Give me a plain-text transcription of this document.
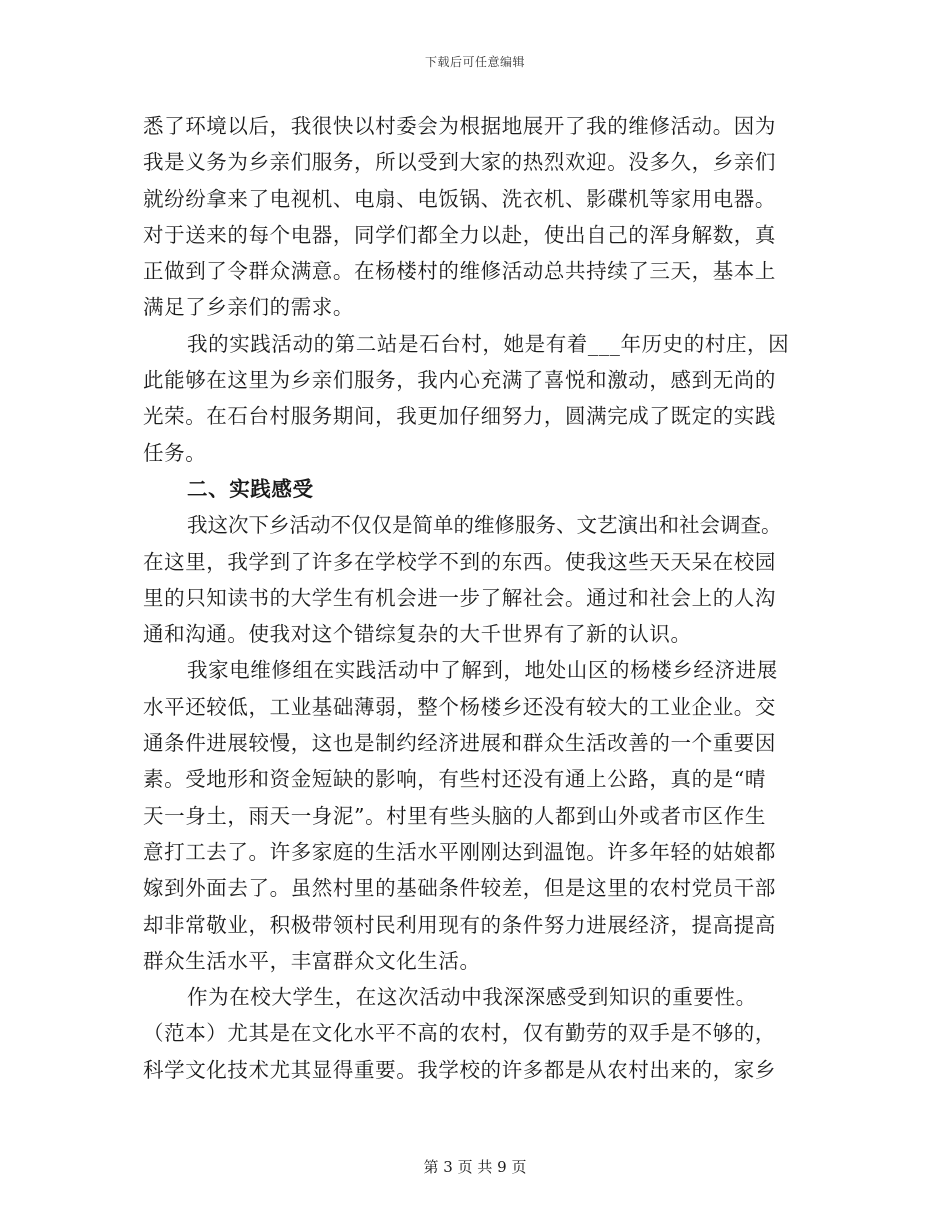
下载后可任意编辑
悉了环境以后，我很快以村委会为根据地展开了我的维修活动。因为
我是义务为乡亲们服务，所以受到大家的热烈欢迎。没多久，乡亲们
就纷纷拿来了电视机、电扇、电饭锅、洗衣机、影碟机等家用电器。
对于送来的每个电器，同学们都全力以赴，使出自己的浑身解数，真
正做到了令群众满意。在杨楼村的维修活动总共持续了三天，基本上
满足了乡亲们的需求。
我的实践活动的第二站是石台村，她是有着___年历史的村庄，因
此能够在这里为乡亲们服务，我内心充满了喜悦和激动，感到无尚的
光荣。在石台村服务期间，我更加仔细努力，圆满完成了既定的实践
任务。
二、实践感受
我这次下乡活动不仅仅是简单的维修服务、文艺演出和社会调查。
在这里，我学到了许多在学校学不到的东西。使我这些天天呆在校园
里的只知读书的大学生有机会进一步了解社会。通过和社会上的人沟
通和沟通。使我对这个错综复杂的大千世界有了新的认识。
我家电维修组在实践活动中了解到，地处山区的杨楼乡经济进展
水平还较低，工业基础薄弱，整个杨楼乡还没有较大的工业企业。交
通条件进展较慢，这也是制约经济进展和群众生活改善的一个重要因
素。受地形和资金短缺的影响，有些村还没有通上公路，真的是“晴
天一身土，雨天一身泥”。村里有些头脑的人都到山外或者市区作生
意打工去了。许多家庭的生活水平刚刚达到温饱。许多年轻的姑娘都
嫁到外面去了。虽然村里的基础条件较差，但是这里的农村党员干部
却非常敬业，积极带领村民利用现有的条件努力进展经济，提高提高
群众生活水平，丰富群众文化生活。
作为在校大学生，在这次活动中我深深感受到知识的重要性。
（范本）尤其是在文化水平不高的农村，仅有勤劳的双手是不够的，
科学文化技术尤其显得重要。我学校的许多都是从农村出来的，家乡
第 3 页 共 9 页
